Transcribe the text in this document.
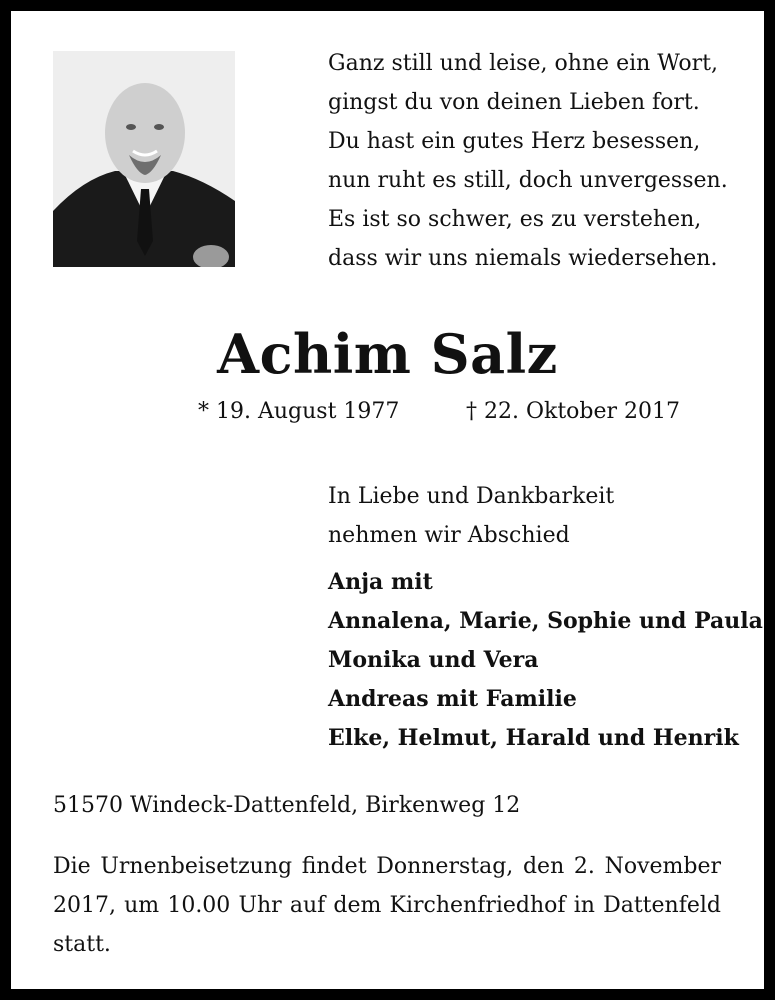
Ganz still und leise, ohne ein Wort,
gingst du von deinen Lieben fort.
Du hast ein gutes Herz besessen,
nun ruht es still, doch unvergessen.
Es ist so schwer, es zu verstehen,
dass wir uns niemals wiedersehen.
Achim Salz
* 19. August 1977	† 22. Oktober 2017
In Liebe und Dankbarkeit
nehmen wir Abschied
Anja mit
Annalena, Marie, Sophie und Paula
Monika und Vera
Andreas mit Familie
Elke, Helmut, Harald und Henrik
51570 Windeck-Dattenfeld, Birkenweg 12
Die Urnenbeisetzung findet Donnerstag, den 2. November 2017, um 10.00 Uhr auf dem Kirchenfriedhof in Dattenfeld statt.
